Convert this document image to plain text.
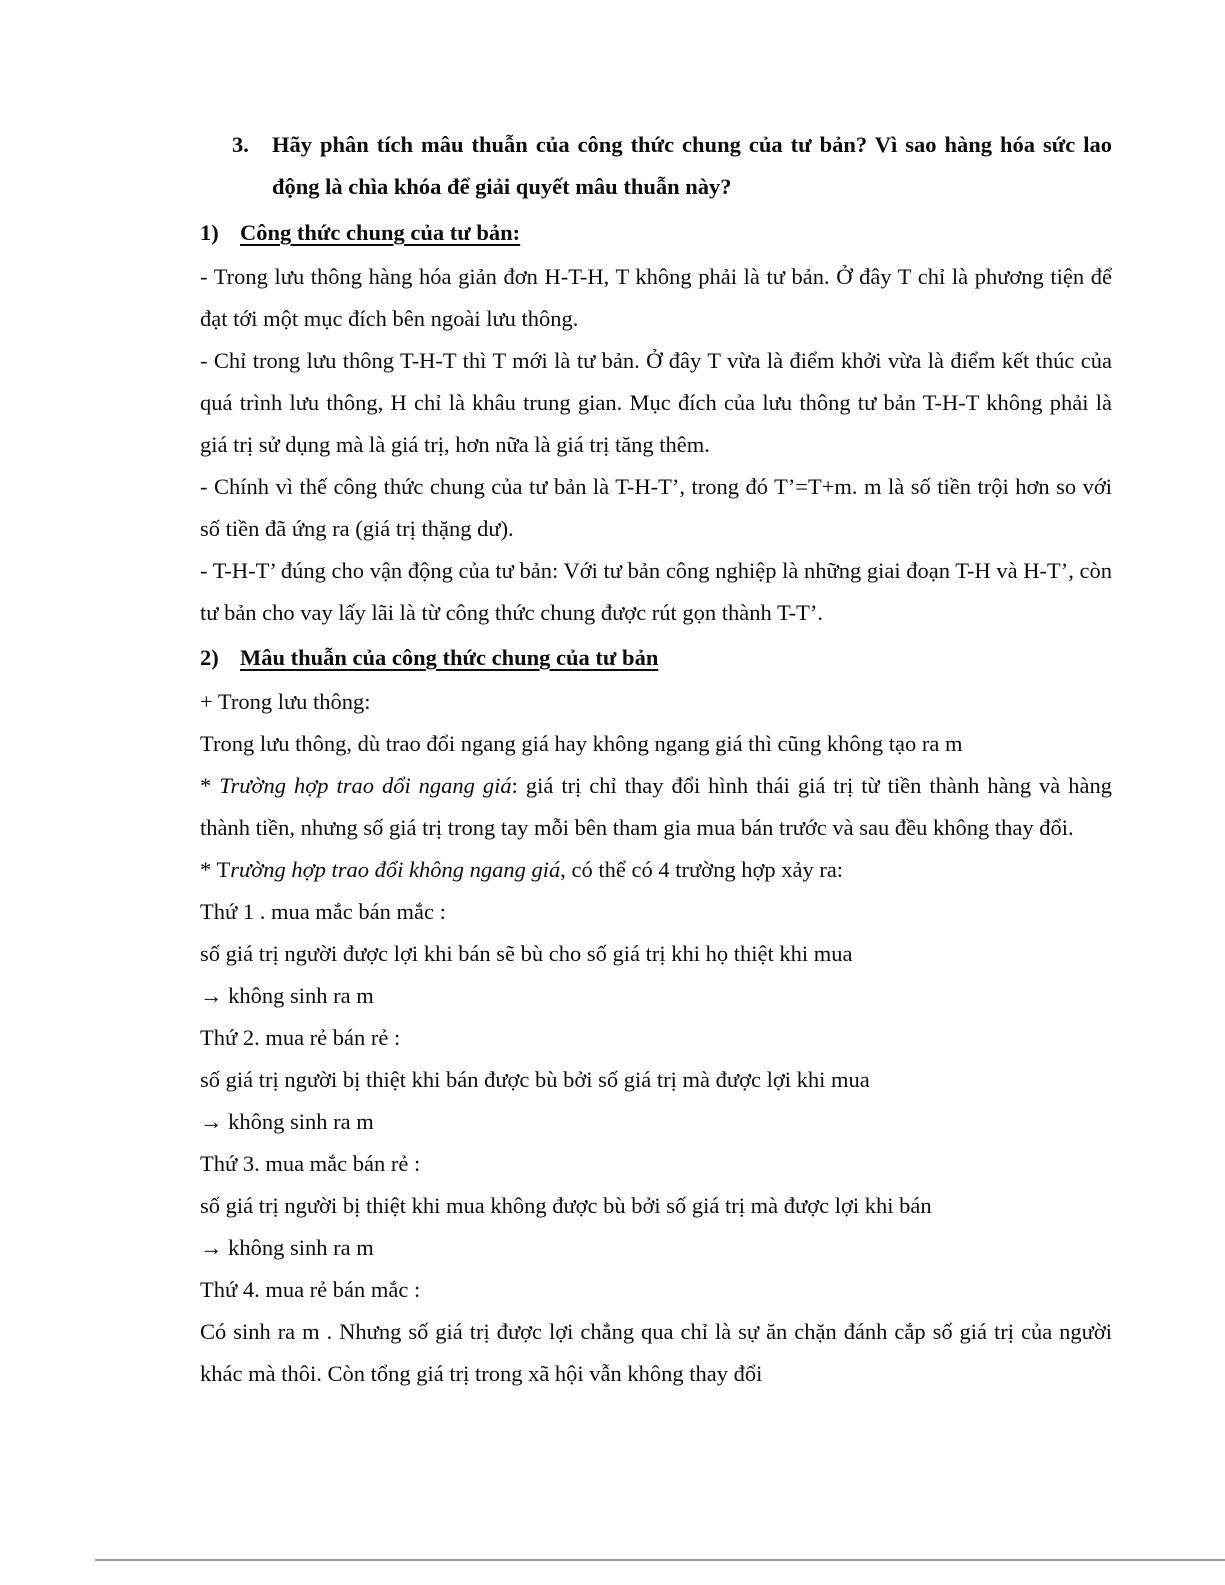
3.	Hãy phân tích mâu thuẫn của công thức chung của tư bản? Vì sao hàng hóa sức lao động là chìa khóa để giải quyết mâu thuẫn này?
1) Công thức chung của tư bản:

- Trong lưu thông hàng hóa giản đơn H-T-H, T không phải là tư bản. Ở đây T chỉ là phương tiện để đạt tới một mục đích bên ngoài lưu thông.

- Chỉ trong lưu thông T-H-T thì T mới là tư bản. Ở đây T vừa là điểm khởi vừa là điểm kết thúc của quá trình lưu thông, H chỉ là khâu trung gian. Mục đích của lưu thông tư bản T-H-T không phải là giá trị sử dụng mà là giá trị, hơn nữa là giá trị tăng thêm.

- Chính vì thế công thức chung của tư bản là T-H-T’, trong đó T’=T+m. m là số tiền trội hơn so với số tiền đã ứng ra (giá trị thặng dư).

- T-H-T’ đúng cho vận động của tư bản: Với tư bản công nghiệp là những giai đoạn T-H và H-T’, còn tư bản cho vay lấy lãi là từ công thức chung được rút gọn thành T-T’.

2) Mâu thuẫn của công thức chung của tư bản

+ Trong lưu thông:

Trong lưu thông, dù trao đổi ngang giá hay không ngang giá thì cũng không tạo ra m

* Trường hợp trao dổi ngang giá: giá trị chỉ thay đổi hình thái giá trị từ tiền thành hàng và hàng thành tiền, nhưng số giá trị trong tay mỗi bên tham gia mua bán trước và sau đều không thay đổi.

* Trường hợp trao đổi không ngang giá, có thể có 4 trường hợp xảy ra:

Thứ 1 . mua mắc bán mắc :

số giá trị người được lợi khi bán sẽ bù cho số giá trị khi họ thiệt khi mua

→ không sinh ra m

Thứ 2. mua rẻ bán rẻ :

số giá trị người bị thiệt khi bán được bù bởi số giá trị mà được lợi khi mua

→ không sinh ra m

Thứ 3. mua mắc bán rẻ :

số giá trị người bị thiệt khi mua không được bù bởi số giá trị mà được lợi khi bán

→ không sinh ra m

Thứ 4. mua rẻ bán mắc :

Có sinh ra m . Nhưng số giá trị được lợi chẳng qua chỉ là sự ăn chặn đánh cắp số giá trị của người khác mà thôi. Còn tổng giá trị trong xã hội vẫn không thay đổi
